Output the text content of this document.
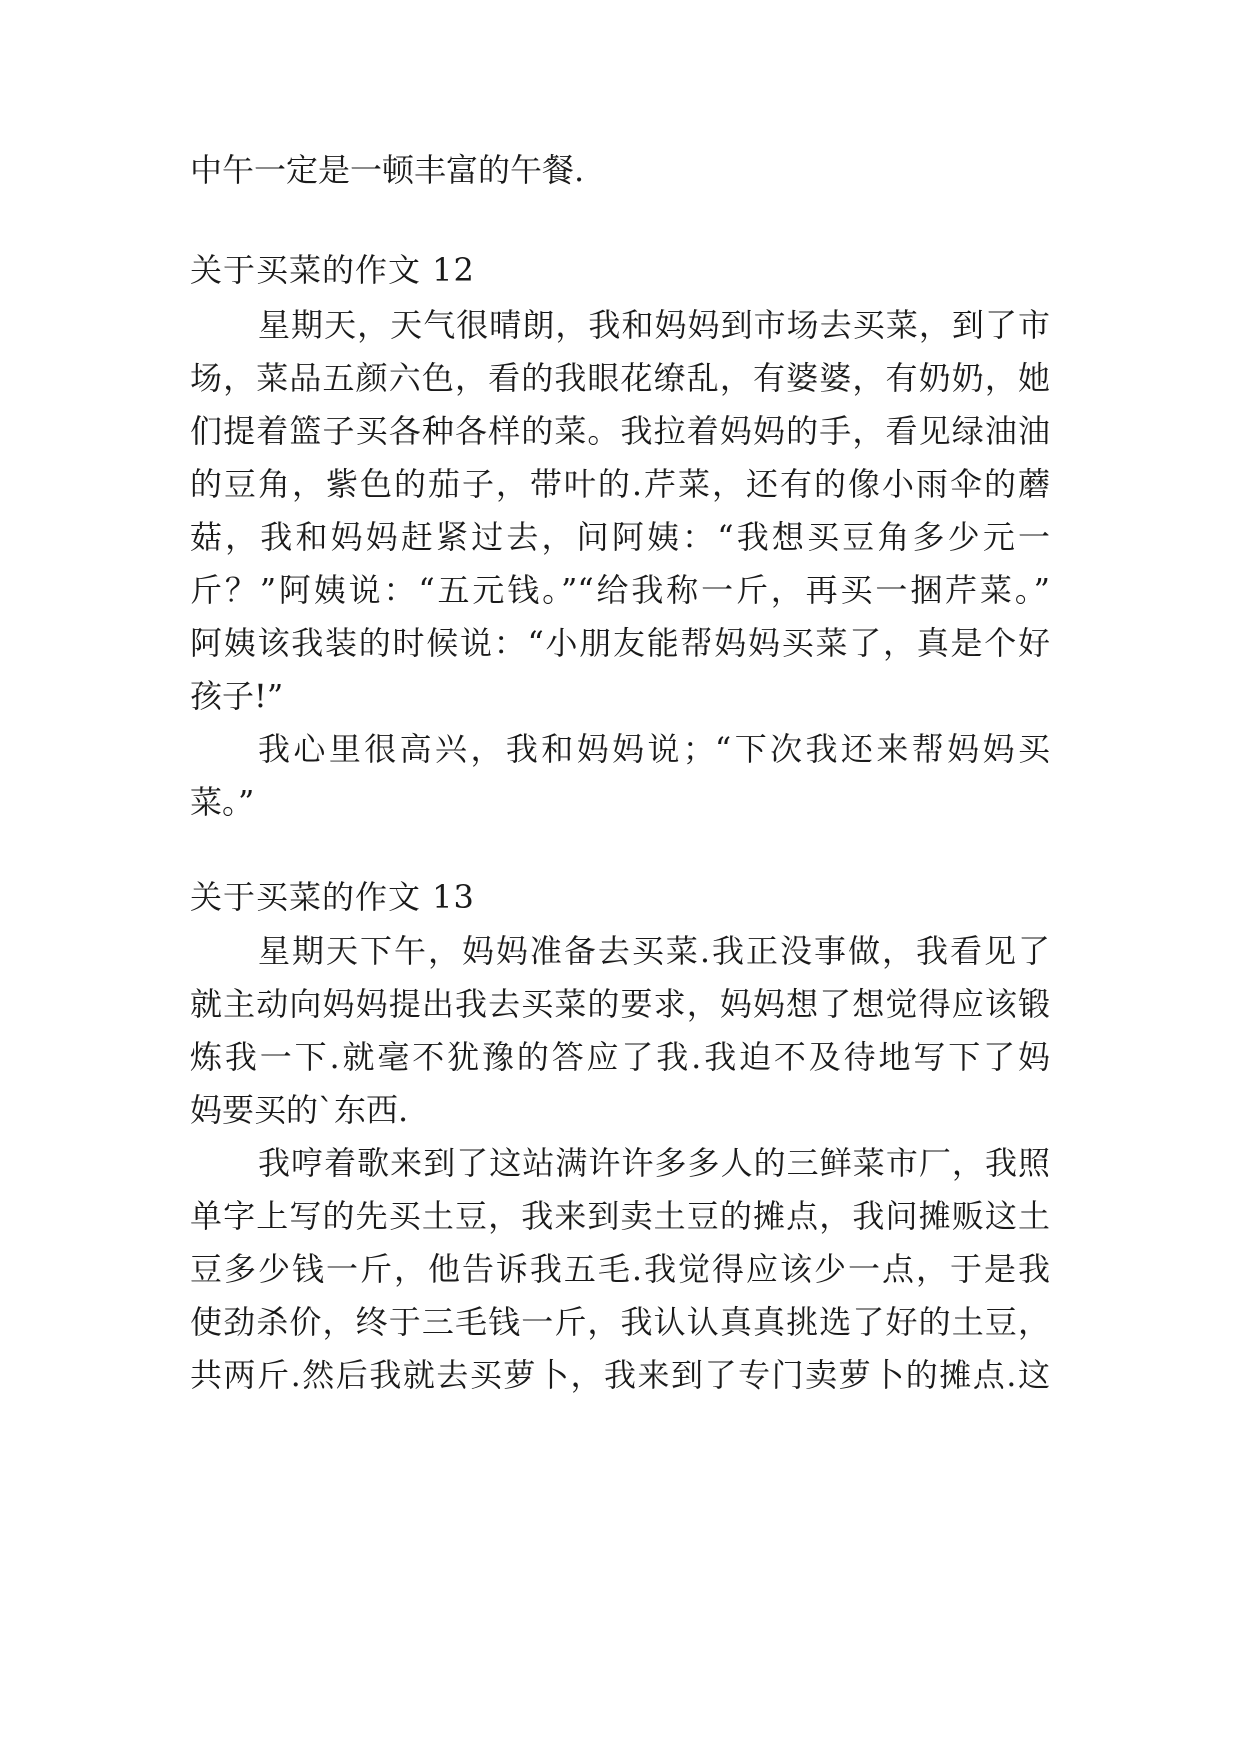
中午一定是一顿丰富的午餐.
关于买菜的作文 12
星期天，天气很晴朗，我和妈妈到市场去买菜，到了市
场，菜品五颜六色，看的我眼花缭乱，有婆婆，有奶奶，她
们提着篮子买各种各样的菜。我拉着妈妈的手，看见绿油油
的豆角，紫色的茄子，带叶的.芹菜，还有的像小雨伞的蘑
菇，我和妈妈赶紧过去，问阿姨：“我想买豆角多少元一
斤？”阿姨说：“五元钱。”“给我称一斤，再买一捆芹菜。”
阿姨该我装的时候说：“小朋友能帮妈妈买菜了，真是个好
孩子!”
我心里很高兴，我和妈妈说；“下次我还来帮妈妈买
菜。”
关于买菜的作文 13
星期天下午，妈妈准备去买菜.我正没事做，我看见了
就主动向妈妈提出我去买菜的要求，妈妈想了想觉得应该锻
炼我一下.就毫不犹豫的答应了我.我迫不及待地写下了妈
妈要买的`东西.
我哼着歌来到了这站满许许多多人的三鲜菜市厂，我照
单字上写的先买土豆，我来到卖土豆的摊点，我问摊贩这土
豆多少钱一斤，他告诉我五毛.我觉得应该少一点，于是我
使劲杀价，终于三毛钱一斤，我认认真真挑选了好的土豆，
共两斤.然后我就去买萝卜，我来到了专门卖萝卜的摊点.这
